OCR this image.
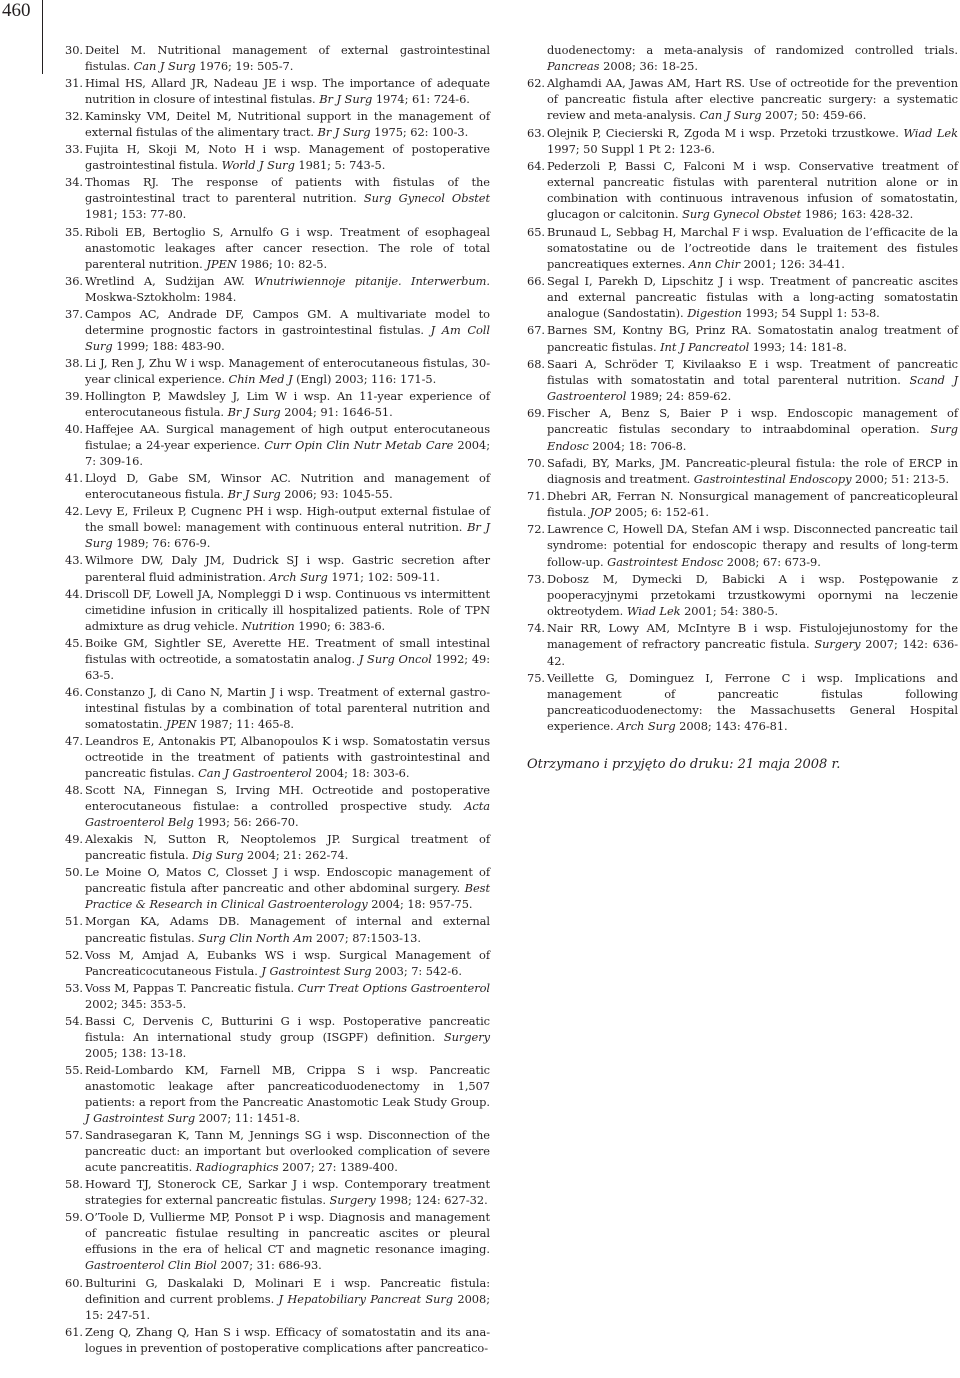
460
30. Deitel M. Nutritional management of external gastrointestinal fistulas. Can J Surg 1976; 19: 505-7.
31. Himal HS, Allard JR, Nadeau JE i wsp. The importance of adequate nutrition in closure of intestinal fistulas. Br J Surg 1974; 61: 724-6.
32. Kaminsky VM, Deitel M, Nutritional support in the management of external fistulas of the alimentary tract. Br J Surg 1975; 62: 100-3.
33. Fujita H, Skoji M, Noto H i wsp. Management of postoperative gastrointestinal fistula. World J Surg 1981; 5: 743-5.
34. Thomas RJ. The response of patients with fistulas of the gastrointestinal tract to parenteral nutrition. Surg Gynecol Obstet 1981; 153: 77-80.
35. Riboli EB, Bertoglio S, Arnulfo G i wsp. Treatment of esophageal anastomotic leakages after cancer resection. The role of total parenteral nutrition. JPEN 1986; 10: 82-5.
36. Wretlind A, Sudżijan AW. Wnutriwiennoje pitanije. Interwerbum. Moskwa-Sztokholm: 1984.
37. Campos AC, Andrade DF, Campos GM. A multivariate model to determine prognostic factors in gastrointestinal fistulas. J Am Coll Surg 1999; 188: 483-90.
38. Li J, Ren J, Zhu W i wsp. Management of enterocutaneous fistulas, 30-year clinical experience. Chin Med J (Engl) 2003; 116: 171-5.
39. Hollington P, Mawdsley J, Lim W i wsp. An 11-year experience of enterocutaneous fistula. Br J Surg 2004; 91: 1646-51.
40. Haffejee AA. Surgical management of high output enterocutaneous fistulae; a 24-year experience. Curr Opin Clin Nutr Metab Care 2004; 7: 309-16.
41. Lloyd D, Gabe SM, Winsor AC. Nutrition and management of enterocutaneous fistula. Br J Surg 2006; 93: 1045-55.
42. Levy E, Frileux P, Cugnenc PH i wsp. High-output external fistulae of the small bowel: management with continuous enteral nutrition. Br J Surg 1989; 76: 676-9.
43. Wilmore DW, Daly JM, Dudrick SJ i wsp. Gastric secretion after parenteral fluid administration. Arch Surg 1971; 102: 509-11.
44. Driscoll DF, Lowell JA, Nompleggi D i wsp. Continuous vs intermittent cimetidine infusion in critically ill hospitalized patients. Role of TPN admixture as drug vehicle. Nutrition 1990; 6: 383-6.
45. Boike GM, Sightler SE, Averette HE. Treatment of small intestinal fistulas with octreotide, a somatostatin analog. J Surg Oncol 1992; 49: 63-5.
46. Constanzo J, di Cano N, Martin J i wsp. Treatment of external gastro-intestinal fistulas by a combination of total parenteral nutrition and somatostatin. JPEN 1987; 11: 465-8.
47. Leandros E, Antonakis PT, Albanopoulos K i wsp. Somatostatin versus octreotide in the treatment of patients with gastrointestinal and pancreatic fistulas. Can J Gastroenterol 2004; 18: 303-6.
48. Scott NA, Finnegan S, Irving MH. Octreotide and postoperative enterocutaneous fistulae: a controlled prospective study. Acta Gastroenterol Belg 1993; 56: 266-70.
49. Alexakis N, Sutton R, Neoptolemos JP. Surgical treatment of pancreatic fistula. Dig Surg 2004; 21: 262-74.
50. Le Moine O, Matos C, Closset J i wsp. Endoscopic management of pancreatic fistula after pancreatic and other abdominal surgery. Best Practice & Research in Clinical Gastroenterology 2004; 18: 957-75.
51. Morgan KA, Adams DB. Management of internal and external pancreatic fistulas. Surg Clin North Am 2007; 87:1503-13.
52. Voss M, Amjad A, Eubanks WS i wsp. Surgical Management of Pancreaticocutaneous Fistula. J Gastrointest Surg 2003; 7: 542-6.
53. Voss M, Pappas T. Pancreatic fistula. Curr Treat Options Gastroenterol 2002; 345: 353-5.
54. Bassi C, Dervenis C, Butturini G i wsp. Postoperative pancreatic fistula: An international study group (ISGPF) definition. Surgery 2005; 138: 13-18.
55. Reid-Lombardo KM, Farnell MB, Crippa S i wsp. Pancreatic anastomotic leakage after pancreaticoduodenectomy in 1,507 patients: a report from the Pancreatic Anastomotic Leak Study Group. J Gastrointest Surg 2007; 11: 1451-8.
57. Sandrasegaran K, Tann M, Jennings SG i wsp. Disconnection of the pancreatic duct: an important but overlooked complication of severe acute pancreatitis. Radiographics 2007; 27: 1389-400.
58. Howard TJ, Stonerock CE, Sarkar J i wsp. Contemporary treatment strategies for external pancreatic fistulas. Surgery 1998; 124: 627-32.
59. O’Toole D, Vullierme MP, Ponsot P i wsp. Diagnosis and management of pancreatic fistulae resulting in pancreatic ascites or pleural effusions in the era of helical CT and magnetic resonance imaging. Gastroenterol Clin Biol 2007; 31: 686-93.
60. Bulturini G, Daskalaki D, Molinari E i wsp. Pancreatic fistula: definition and current problems. J Hepatobiliary Pancreat Surg 2008; 15: 247-51.
61. Zeng Q, Zhang Q, Han S i wsp. Efficacy of somatostatin and its ana-logues in prevention of postoperative complications after pancreatico-
duodenectomy: a meta-analysis of randomized controlled trials. Pancreas 2008; 36: 18-25.
62. Alghamdi AA, Jawas AM, Hart RS. Use of octreotide for the prevention of pancreatic fistula after elective pancreatic surgery: a systematic review and meta-analysis. Can J Surg 2007; 50: 459-66.
63. Olejnik P, Ciecierski R, Zgoda M i wsp. Przetoki trzustkowe. Wiad Lek 1997; 50 Suppl 1 Pt 2: 123-6.
64. Pederzoli P, Bassi C, Falconi M i wsp. Conservative treatment of external pancreatic fistulas with parenteral nutrition alone or in combination with continuous intravenous infusion of somatostatin, glucagon or calcitonin. Surg Gynecol Obstet 1986; 163: 428-32.
65. Brunaud L, Sebbag H, Marchal F i wsp. Evaluation de l’efficacite de la somatostatine ou de l’octreotide dans le traitement des fistules pancreatiques externes. Ann Chir 2001; 126: 34-41.
66. Segal I, Parekh D, Lipschitz J i wsp. Treatment of pancreatic ascites and external pancreatic fistulas with a long-acting somatostatin analogue (Sandostatin). Digestion 1993; 54 Suppl 1: 53-8.
67. Barnes SM, Kontny BG, Prinz RA. Somatostatin analog treatment of pancreatic fistulas. Int J Pancreatol 1993; 14: 181-8.
68. Saari A, Schröder T, Kivilaakso E i wsp. Treatment of pancreatic fistulas with somatostatin and total parenteral nutrition. Scand J Gastroenterol 1989; 24: 859-62.
69. Fischer A, Benz S, Baier P i wsp. Endoscopic management of pancreatic fistulas secondary to intraabdominal operation. Surg Endosc 2004; 18: 706-8.
70. Safadi, BY, Marks, JM. Pancreatic-pleural fistula: the role of ERCP in diagnosis and treatment. Gastrointestinal Endoscopy 2000; 51: 213-5.
71. Dhebri AR, Ferran N. Nonsurgical management of pancreaticopleural fistula. JOP 2005; 6: 152-61.
72. Lawrence C, Howell DA, Stefan AM i wsp. Disconnected pancreatic tail syndrome: potential for endoscopic therapy and results of long-term follow-up. Gastrointest Endosc 2008; 67: 673-9.
73. Dobosz M, Dymecki D, Babicki A i wsp. Postępowanie z pooperacyjnymi przetokami trzustkowymi opornymi na leczenie oktreotydem. Wiad Lek 2001; 54: 380-5.
74. Nair RR, Lowy AM, McIntyre B i wsp. Fistulojejunostomy for the management of refractory pancreatic fistula. Surgery 2007; 142: 636-42.
75. Veillette G, Dominguez I, Ferrone C i wsp. Implications and management of pancreatic fistulas following pancreaticoduodenectomy: the Massachusetts General Hospital experience. Arch Surg 2008; 143: 476-81.
Otrzymano i przyjęto do druku: 21 maja 2008 r.
